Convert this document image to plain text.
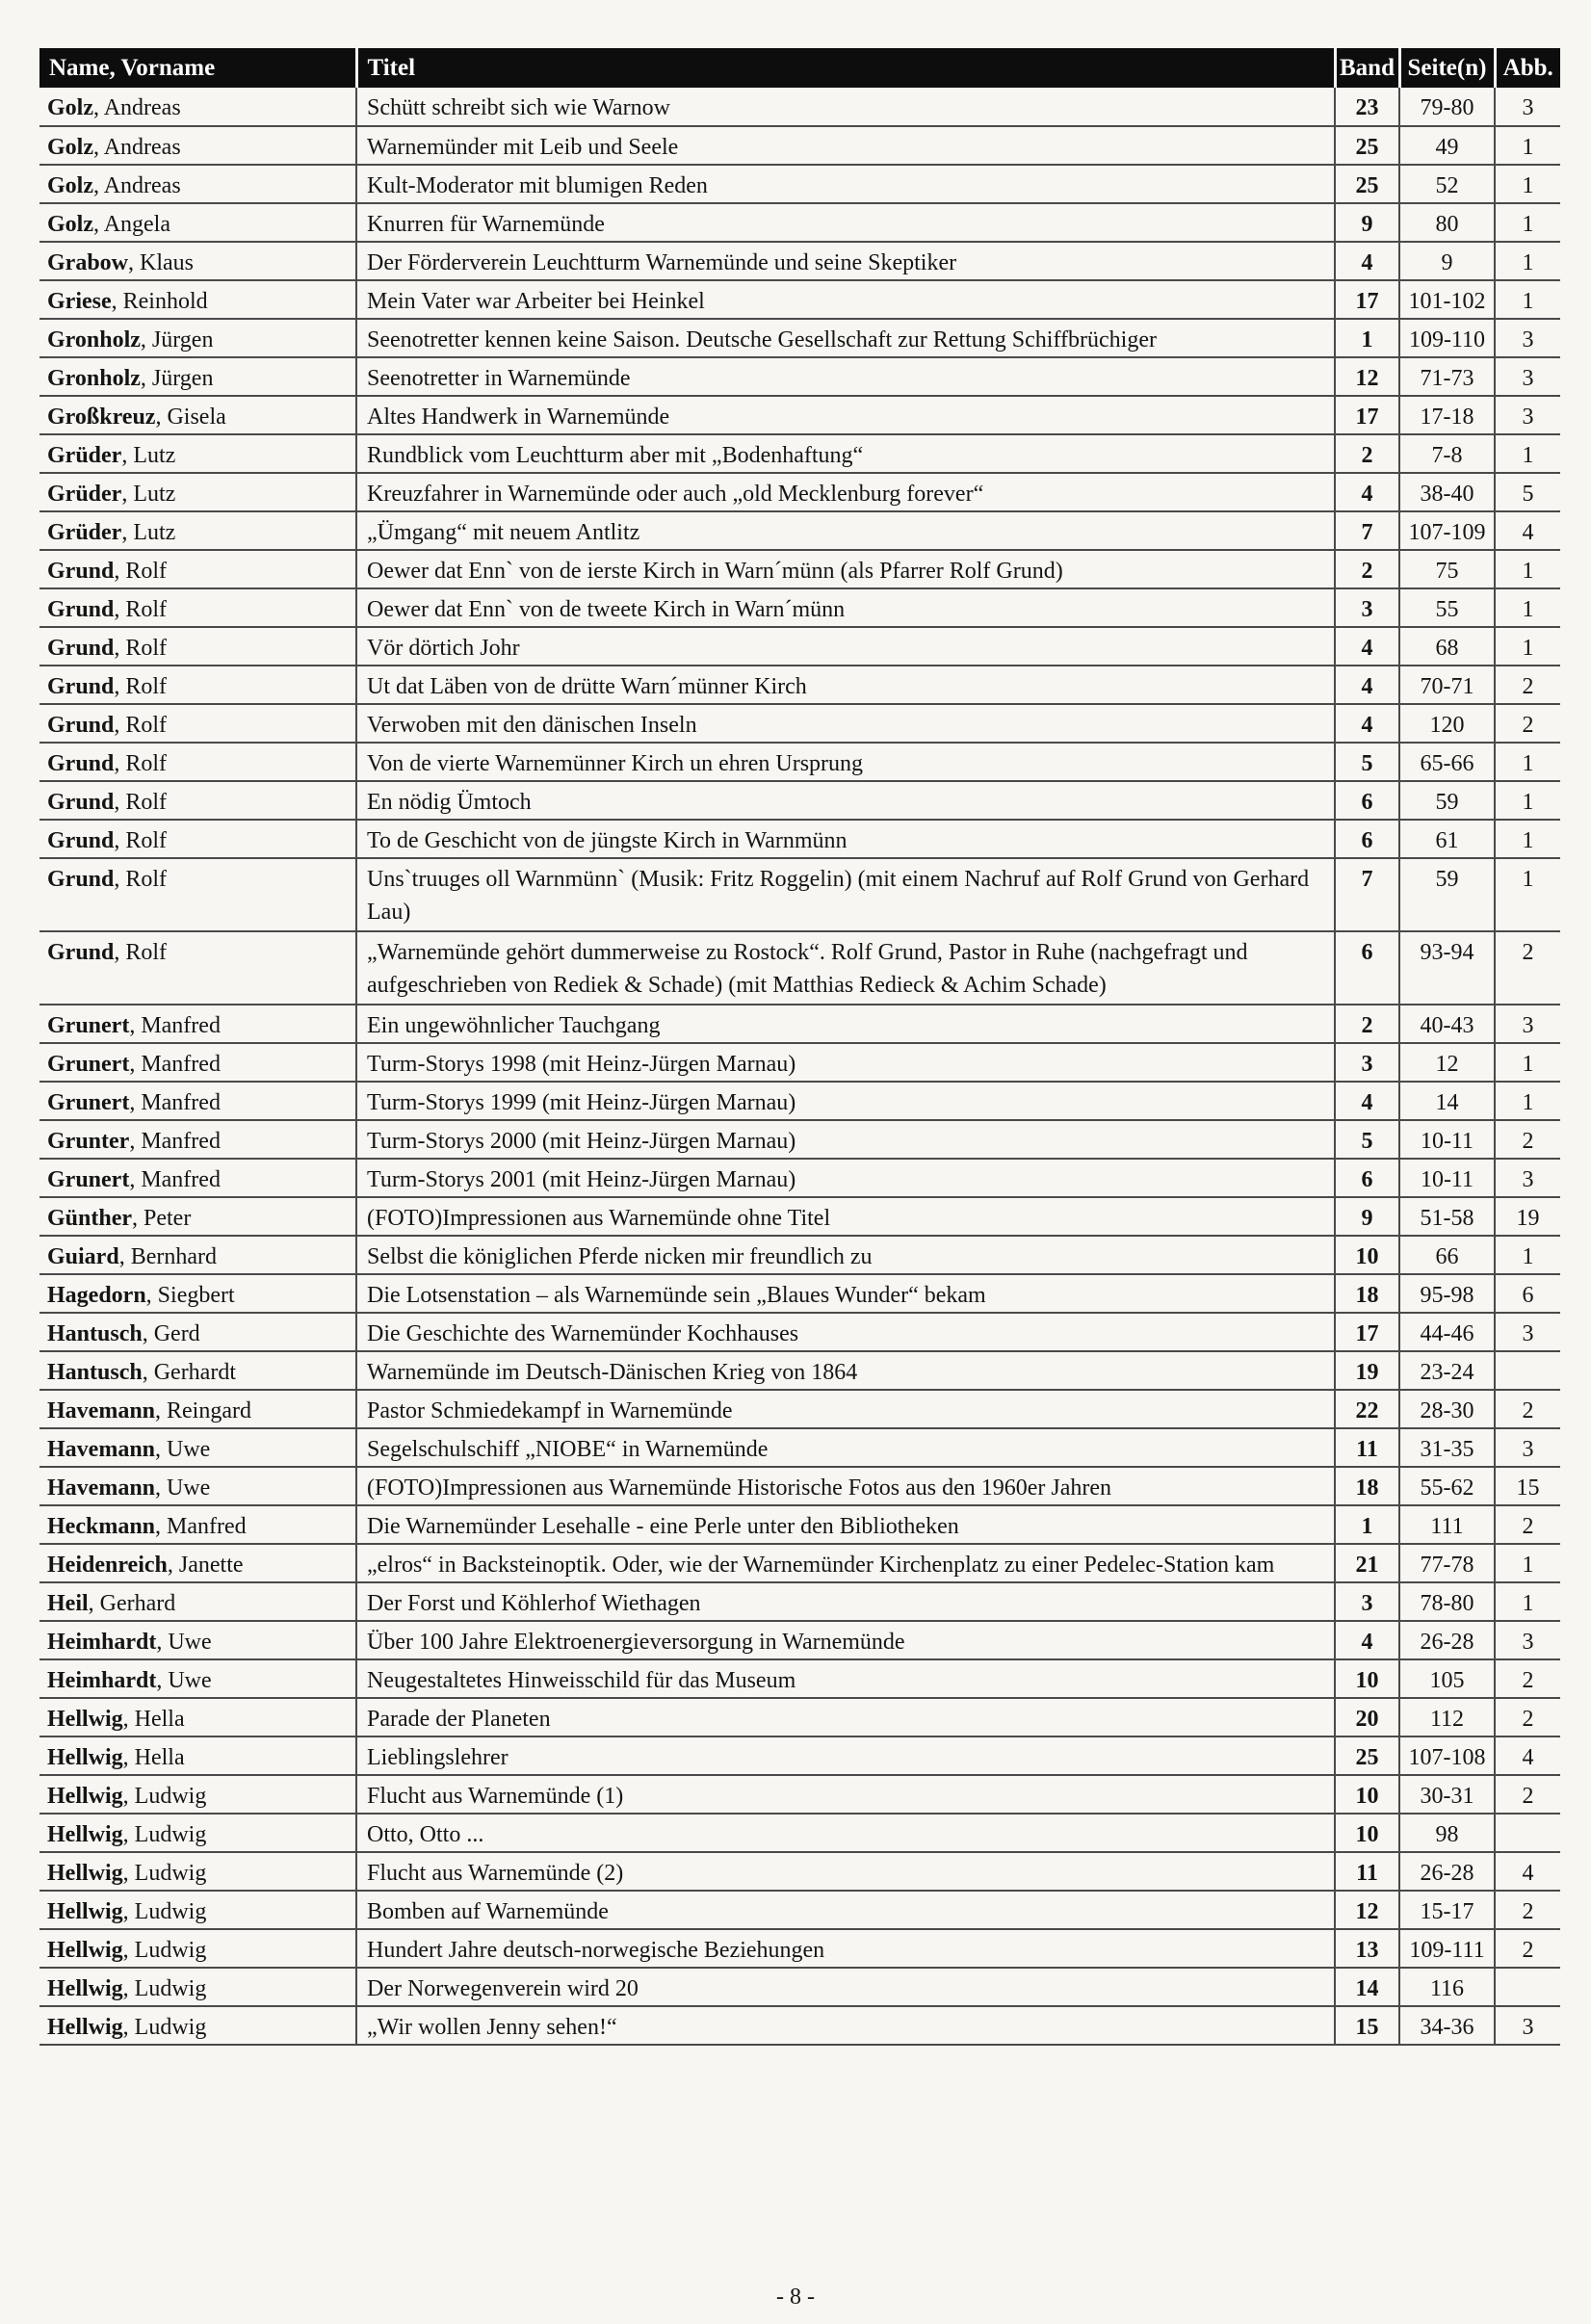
Name, Vorname	Titel	Band	Seite(n)	Abb.
Golz, Andreas	Schütt schreibt sich wie Warnow	23	79-80	3
Golz, Andreas	Warnemünder mit Leib und Seele	25	49	1
Golz, Andreas	Kult-Moderator mit blumigen Reden	25	52	1
Golz, Angela	Knurren für Warnemünde	9	80	1
Grabow, Klaus	Der Förderverein Leuchtturm Warnemünde und seine Skeptiker	4	9	1
Griese, Reinhold	Mein Vater war Arbeiter bei Heinkel	17	101-102	1
Gronholz, Jürgen	Seenotretter kennen keine Saison. Deutsche Gesellschaft zur Rettung Schiffbrüchiger	1	109-110	3
Gronholz, Jürgen	Seenotretter in Warnemünde	12	71-73	3
Großkreuz, Gisela	Altes Handwerk in Warnemünde	17	17-18	3
Grüder, Lutz	Rundblick vom Leuchtturm aber mit „Bodenhaftung“	2	7-8	1
Grüder, Lutz	Kreuzfahrer in Warnemünde oder auch „old Mecklenburg forever“	4	38-40	5
Grüder, Lutz	„Ümgang“ mit neuem Antlitz	7	107-109	4
Grund, Rolf	Oewer dat Enn` von de ierste Kirch in Warn´münn (als Pfarrer Rolf Grund)	2	75	1
Grund, Rolf	Oewer dat Enn` von de tweete Kirch in Warn´münn	3	55	1
Grund, Rolf	Vör dörtich Johr	4	68	1
Grund, Rolf	Ut dat Läben von de drütte Warn´münner Kirch	4	70-71	2
Grund, Rolf	Verwoben mit den dänischen Inseln	4	120	2
Grund, Rolf	Von de vierte Warnemünner Kirch un ehren Ursprung	5	65-66	1
Grund, Rolf	En nödig Ümtoch	6	59	1
Grund, Rolf	To de Geschicht von de jüngste Kirch in Warnmünn	6	61	1
Grund, Rolf	Uns`truuges oll Warnmünn` (Musik: Fritz Roggelin) (mit einem Nachruf auf Rolf Grund von Gerhard Lau)	7	59	1
Grund, Rolf	„Warnemünde gehört dummerweise zu Rostock“. Rolf Grund, Pastor in Ruhe (nachgefragt und aufgeschrieben von Rediek & Schade) (mit Matthias Redieck & Achim Schade)	6	93-94	2
Grunert, Manfred	Ein ungewöhnlicher Tauchgang	2	40-43	3
Grunert, Manfred	Turm-Storys 1998 (mit Heinz-Jürgen Marnau)	3	12	1
Grunert, Manfred	Turm-Storys 1999 (mit Heinz-Jürgen Marnau)	4	14	1
Grunter, Manfred	Turm-Storys 2000 (mit Heinz-Jürgen Marnau)	5	10-11	2
Grunert, Manfred	Turm-Storys 2001 (mit Heinz-Jürgen Marnau)	6	10-11	3
Günther, Peter	(FOTO)Impressionen aus Warnemünde ohne Titel	9	51-58	19
Guiard, Bernhard	Selbst die königlichen Pferde nicken mir freundlich zu	10	66	1
Hagedorn, Siegbert	Die Lotsenstation – als Warnemünde sein „Blaues Wunder“ bekam	18	95-98	6
Hantusch, Gerd	Die Geschichte des Warnemünder Kochhauses	17	44-46	3
Hantusch, Gerhardt	Warnemünde im Deutsch-Dänischen Krieg von 1864	19	23-24	
Havemann, Reingard	Pastor Schmiedekampf in Warnemünde	22	28-30	2
Havemann, Uwe	Segelschulschiff „NIOBE“ in Warnemünde	11	31-35	3
Havemann, Uwe	(FOTO)Impressionen aus Warnemünde Historische Fotos aus den 1960er Jahren	18	55-62	15
Heckmann, Manfred	Die Warnemünder Lesehalle - eine Perle unter den Bibliotheken	1	111	2
Heidenreich, Janette	„elros“ in Backsteinoptik. Oder, wie der Warnemünder Kirchenplatz zu einer Pedelec-Station kam	21	77-78	1
Heil, Gerhard	Der Forst und Köhlerhof Wiethagen	3	78-80	1
Heimhardt, Uwe	Über 100 Jahre Elektroenergieversorgung in Warnemünde	4	26-28	3
Heimhardt, Uwe	Neugestaltetes Hinweisschild für das Museum	10	105	2
Hellwig, Hella	Parade der Planeten	20	112	2
Hellwig, Hella	Lieblingslehrer	25	107-108	4
Hellwig, Ludwig	Flucht aus Warnemünde (1)	10	30-31	2
Hellwig, Ludwig	Otto, Otto ...	10	98	
Hellwig, Ludwig	Flucht aus Warnemünde (2)	11	26-28	4
Hellwig, Ludwig	Bomben auf Warnemünde	12	15-17	2
Hellwig, Ludwig	Hundert Jahre deutsch-norwegische Beziehungen	13	109-111	2
Hellwig, Ludwig	Der Norwegenverein wird 20	14	116	
Hellwig, Ludwig	„Wir wollen Jenny sehen!“	15	34-36	3
- 8 -
